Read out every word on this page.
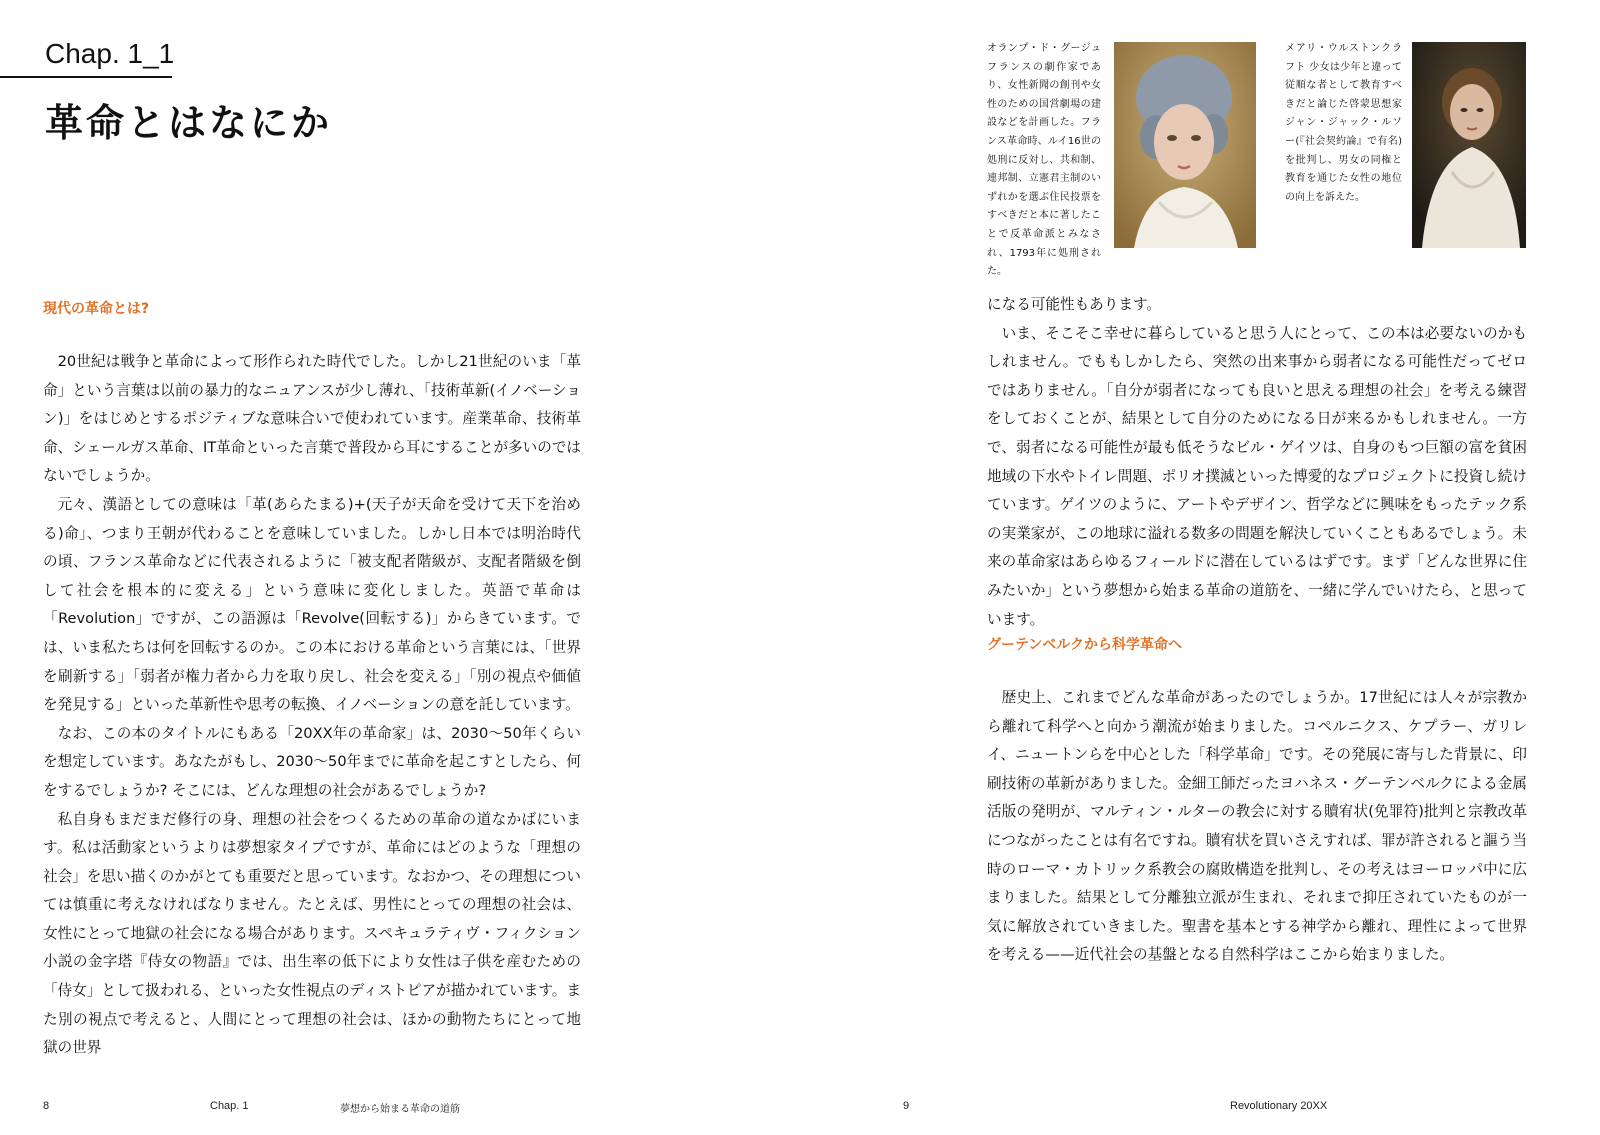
Chap. 1_1
革命とはなにか
現代の革命とは?

20世紀は戦争と革命によって形作られた時代でした。しかし21世紀のいま「革命」という言葉は以前の暴力的なニュアンスが少し薄れ、「技術革新(イノベーション)」をはじめとするポジティブな意味合いで使われています。産業革命、技術革命、シェールガス革命、IT革命といった言葉で普段から耳にすることが多いのではないでしょうか。

元々、漢語としての意味は「革(あらたまる)+(天子が天命を受けて天下を治める)命」、つまり王朝が代わることを意味していました。しかし日本では明治時代の頃、フランス革命などに代表されるように「被支配者階級が、支配者階級を倒して社会を根本的に変える」という意味に変化しました。英語で革命は「Revolution」ですが、この語源は「Revolve(回転する)」からきています。では、いま私たちは何を回転するのか。この本における革命という言葉には、「世界を刷新する」「弱者が権力者から力を取り戻し、社会を変える」「別の視点や価値を発見する」といった革新性や思考の転換、イノベーションの意を託しています。

なお、この本のタイトルにもある「20XX年の革命家」は、2030〜50年くらいを想定しています。あなたがもし、2030〜50年までに革命を起こすとしたら、何をするでしょうか? そこには、どんな理想の社会があるでしょうか?

私自身もまだまだ修行の身、理想の社会をつくるための革命の道なかばにいます。私は活動家というよりは夢想家タイプですが、革命にはどのような「理想の社会」を思い描くのかがとても重要だと思っています。なおかつ、その理想については慎重に考えなければなりません。たとえば、男性にとっての理想の社会は、女性にとって地獄の社会になる場合があります。スペキュラティヴ・フィクション小説の金字塔『侍女の物語』では、出生率の低下により女性は子供を産むための「侍女」として扱われる、といった女性視点のディストピアが描かれています。また別の視点で考えると、人間にとって理想の社会は、ほかの動物たちにとって地獄の世界

8	Chap. 1	夢想から始まる革命の道筋

オランプ・ド・グージュ フランスの劇作家であり、女性新聞の創刊や女性のための国営劇場の建設などを計画した。フランス革命時、ルイ16世の処刑に反対し、共和制、連邦制、立憲君主制のいずれかを選ぶ住民投票をすべきだと本に著したことで反革命派とみなされ、1793年に処刑された。

メアリ・ウルストンクラフト 少女は少年と違って従順な者として教育すべきだと論じた啓蒙思想家ジャン・ジャック・ルソー(『社会契約論』で有名)を批判し、男女の同権と教育を通じた女性の地位の向上を訴えた。

になる可能性もあります。

いま、そこそこ幸せに暮らしていると思う人にとって、この本は必要ないのかもしれません。でももしかしたら、突然の出来事から弱者になる可能性だってゼロではありません。「自分が弱者になっても良いと思える理想の社会」を考える練習をしておくことが、結果として自分のためになる日が来るかもしれません。一方で、弱者になる可能性が最も低そうなビル・ゲイツは、自身のもつ巨額の富を貧困地域の下水やトイレ問題、ポリオ撲滅といった博愛的なプロジェクトに投資し続けています。ゲイツのように、アートやデザイン、哲学などに興味をもったテック系の実業家が、この地球に溢れる数多の問題を解決していくこともあるでしょう。未来の革命家はあらゆるフィールドに潜在しているはずです。まず「どんな世界に住みたいか」という夢想から始まる革命の道筋を、一緒に学んでいけたら、と思っています。

グーテンベルクから科学革命へ

歴史上、これまでどんな革命があったのでしょうか。17世紀には人々が宗教から離れて科学へと向かう潮流が始まりました。コペルニクス、ケプラー、ガリレイ、ニュートンらを中心とした「科学革命」です。その発展に寄与した背景に、印刷技術の革新がありました。金細工師だったヨハネス・グーテンベルクによる金属活版の発明が、マルティン・ルターの教会に対する贖宥状(免罪符)批判と宗教改革につながったことは有名ですね。贖宥状を買いさえすれば、罪が許されると謳う当時のローマ・カトリック系教会の腐敗構造を批判し、その考えはヨーロッパ中に広まりました。結果として分離独立派が生まれ、それまで抑圧されていたものが一気に解放されていきました。聖書を基本とする神学から離れ、理性によって世界を考える——近代社会の基盤となる自然科学はここから始まりました。

9	Revolutionary 20XX
